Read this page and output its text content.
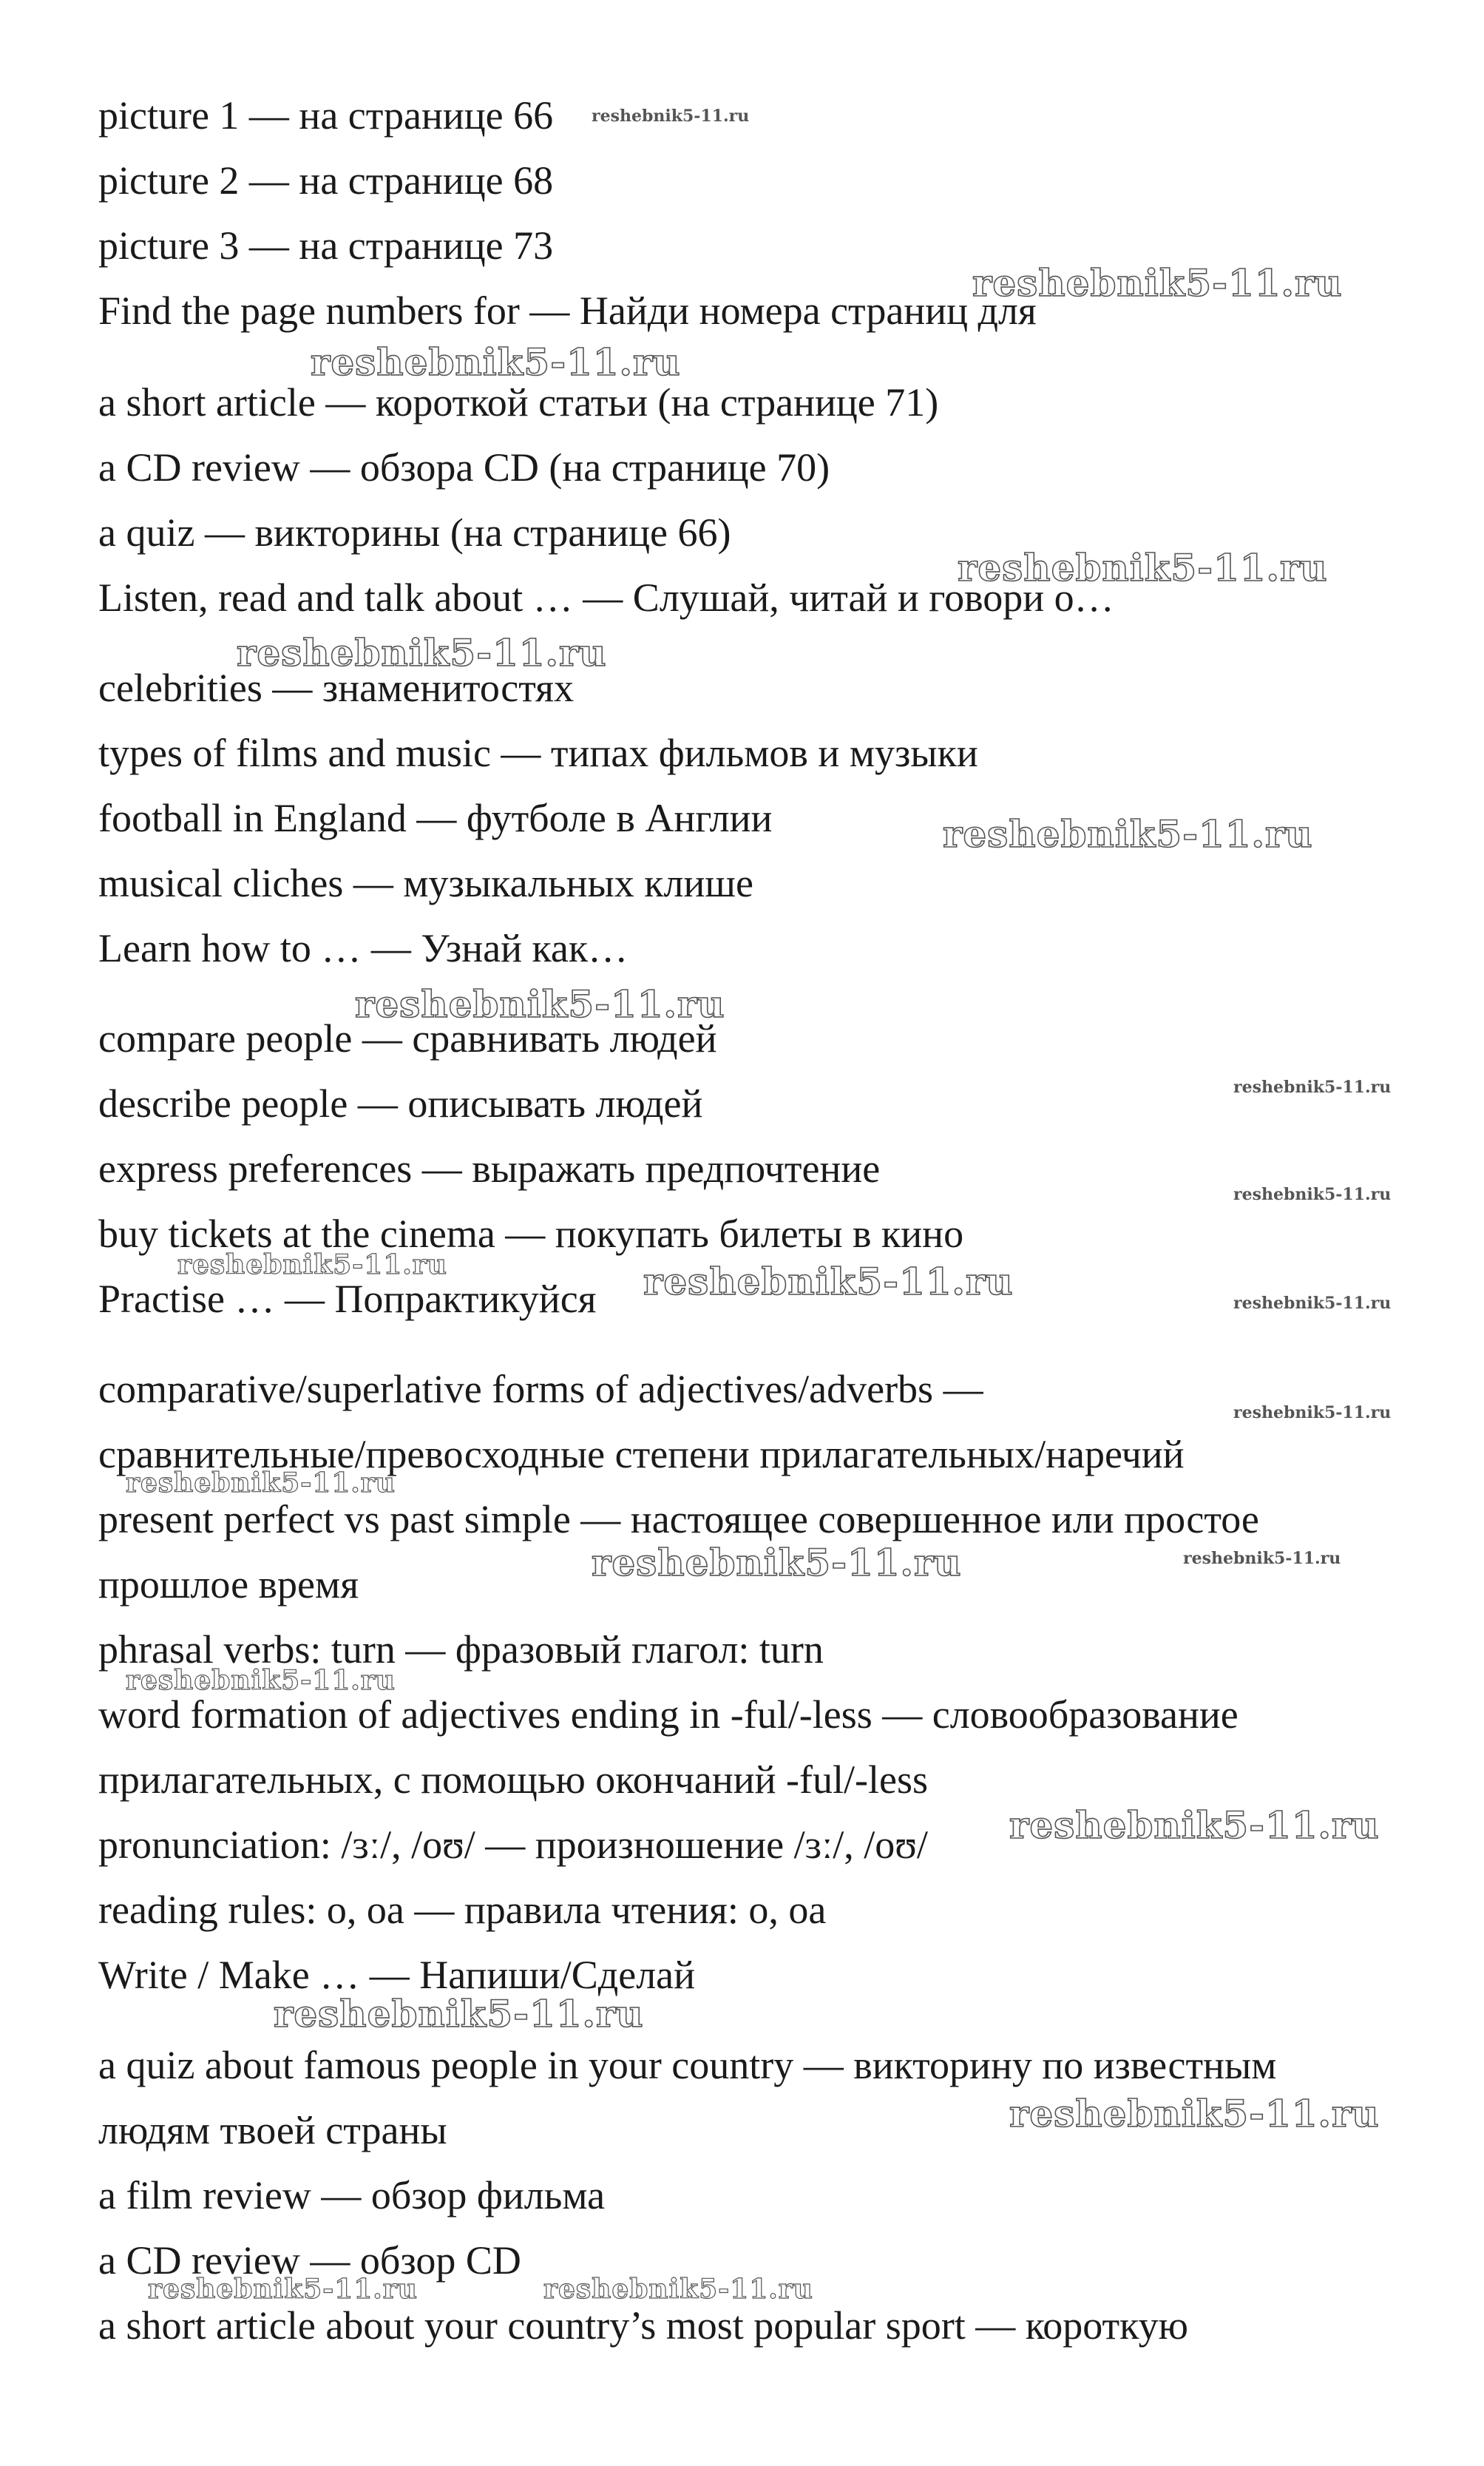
picture 1 — на странице 66
picture 2 — на странице 68
picture 3 — на странице 73
Find the page numbers for — Найди номера страниц для
a short article — короткой статьи (на странице 71)
a CD review — обзора CD (на странице 70)
a quiz — викторины (на странице 66)
Listen, read and talk about … — Слушай, читай и говори о…
celebrities — знаменитостях
types of films and music — типах фильмов и музыки
football in England — футболе в Англии
musical cliches — музыкальных клише
Learn how to … — Узнай как…
compare people — сравнивать людей
describe people — описывать людей
express preferences — выражать предпочтение
buy tickets at the cinema — покупать билеты в кино
Practise … — Попрактикуйся
comparative/superlative forms of adjectives/adverbs —
сравнительные/превосходные степени прилагательных/наречий
present perfect vs past simple — настоящее совершенное или простое
прошлое время
phrasal verbs: turn — фразовый глагол: turn
word formation of adjectives ending in -ful/-less — словообразование
прилагательных, с помощью окончаний -ful/-less
pronunciation: /ɜː/, /oʊ/ — произношение /ɜː/, /oʊ/
reading rules: o, oa — правила чтения: o, oa
Write / Make … — Напиши/Сделай
a quiz about famous people in your country — викторину по известным
людям твоей страны
a film review — обзор фильма
a CD review — обзор CD
a short article about your country’s most popular sport — короткую
reshebnik5-11.ru
reshebnik5-11.ru
reshebnik5-11.ru
reshebnik5-11.ru
reshebnik5-11.ru
reshebnik5-11.ru
reshebnik5-11.ru
reshebnik5-11.ru
reshebnik5-11.ru
reshebnik5-11.ru	reshebnik5-11.ru	reshebnik5-11.ru
reshebnik5-11.ru
reshebnik5-11.ru
reshebnik5-11.ru
reshebnik5-11.ru
reshebnik5-11.ru
reshebnik5-11.ru
reshebnik5-11.ru
reshebnik5-11.ru
reshebnik5-11.ru	reshebnik5-11.ru
